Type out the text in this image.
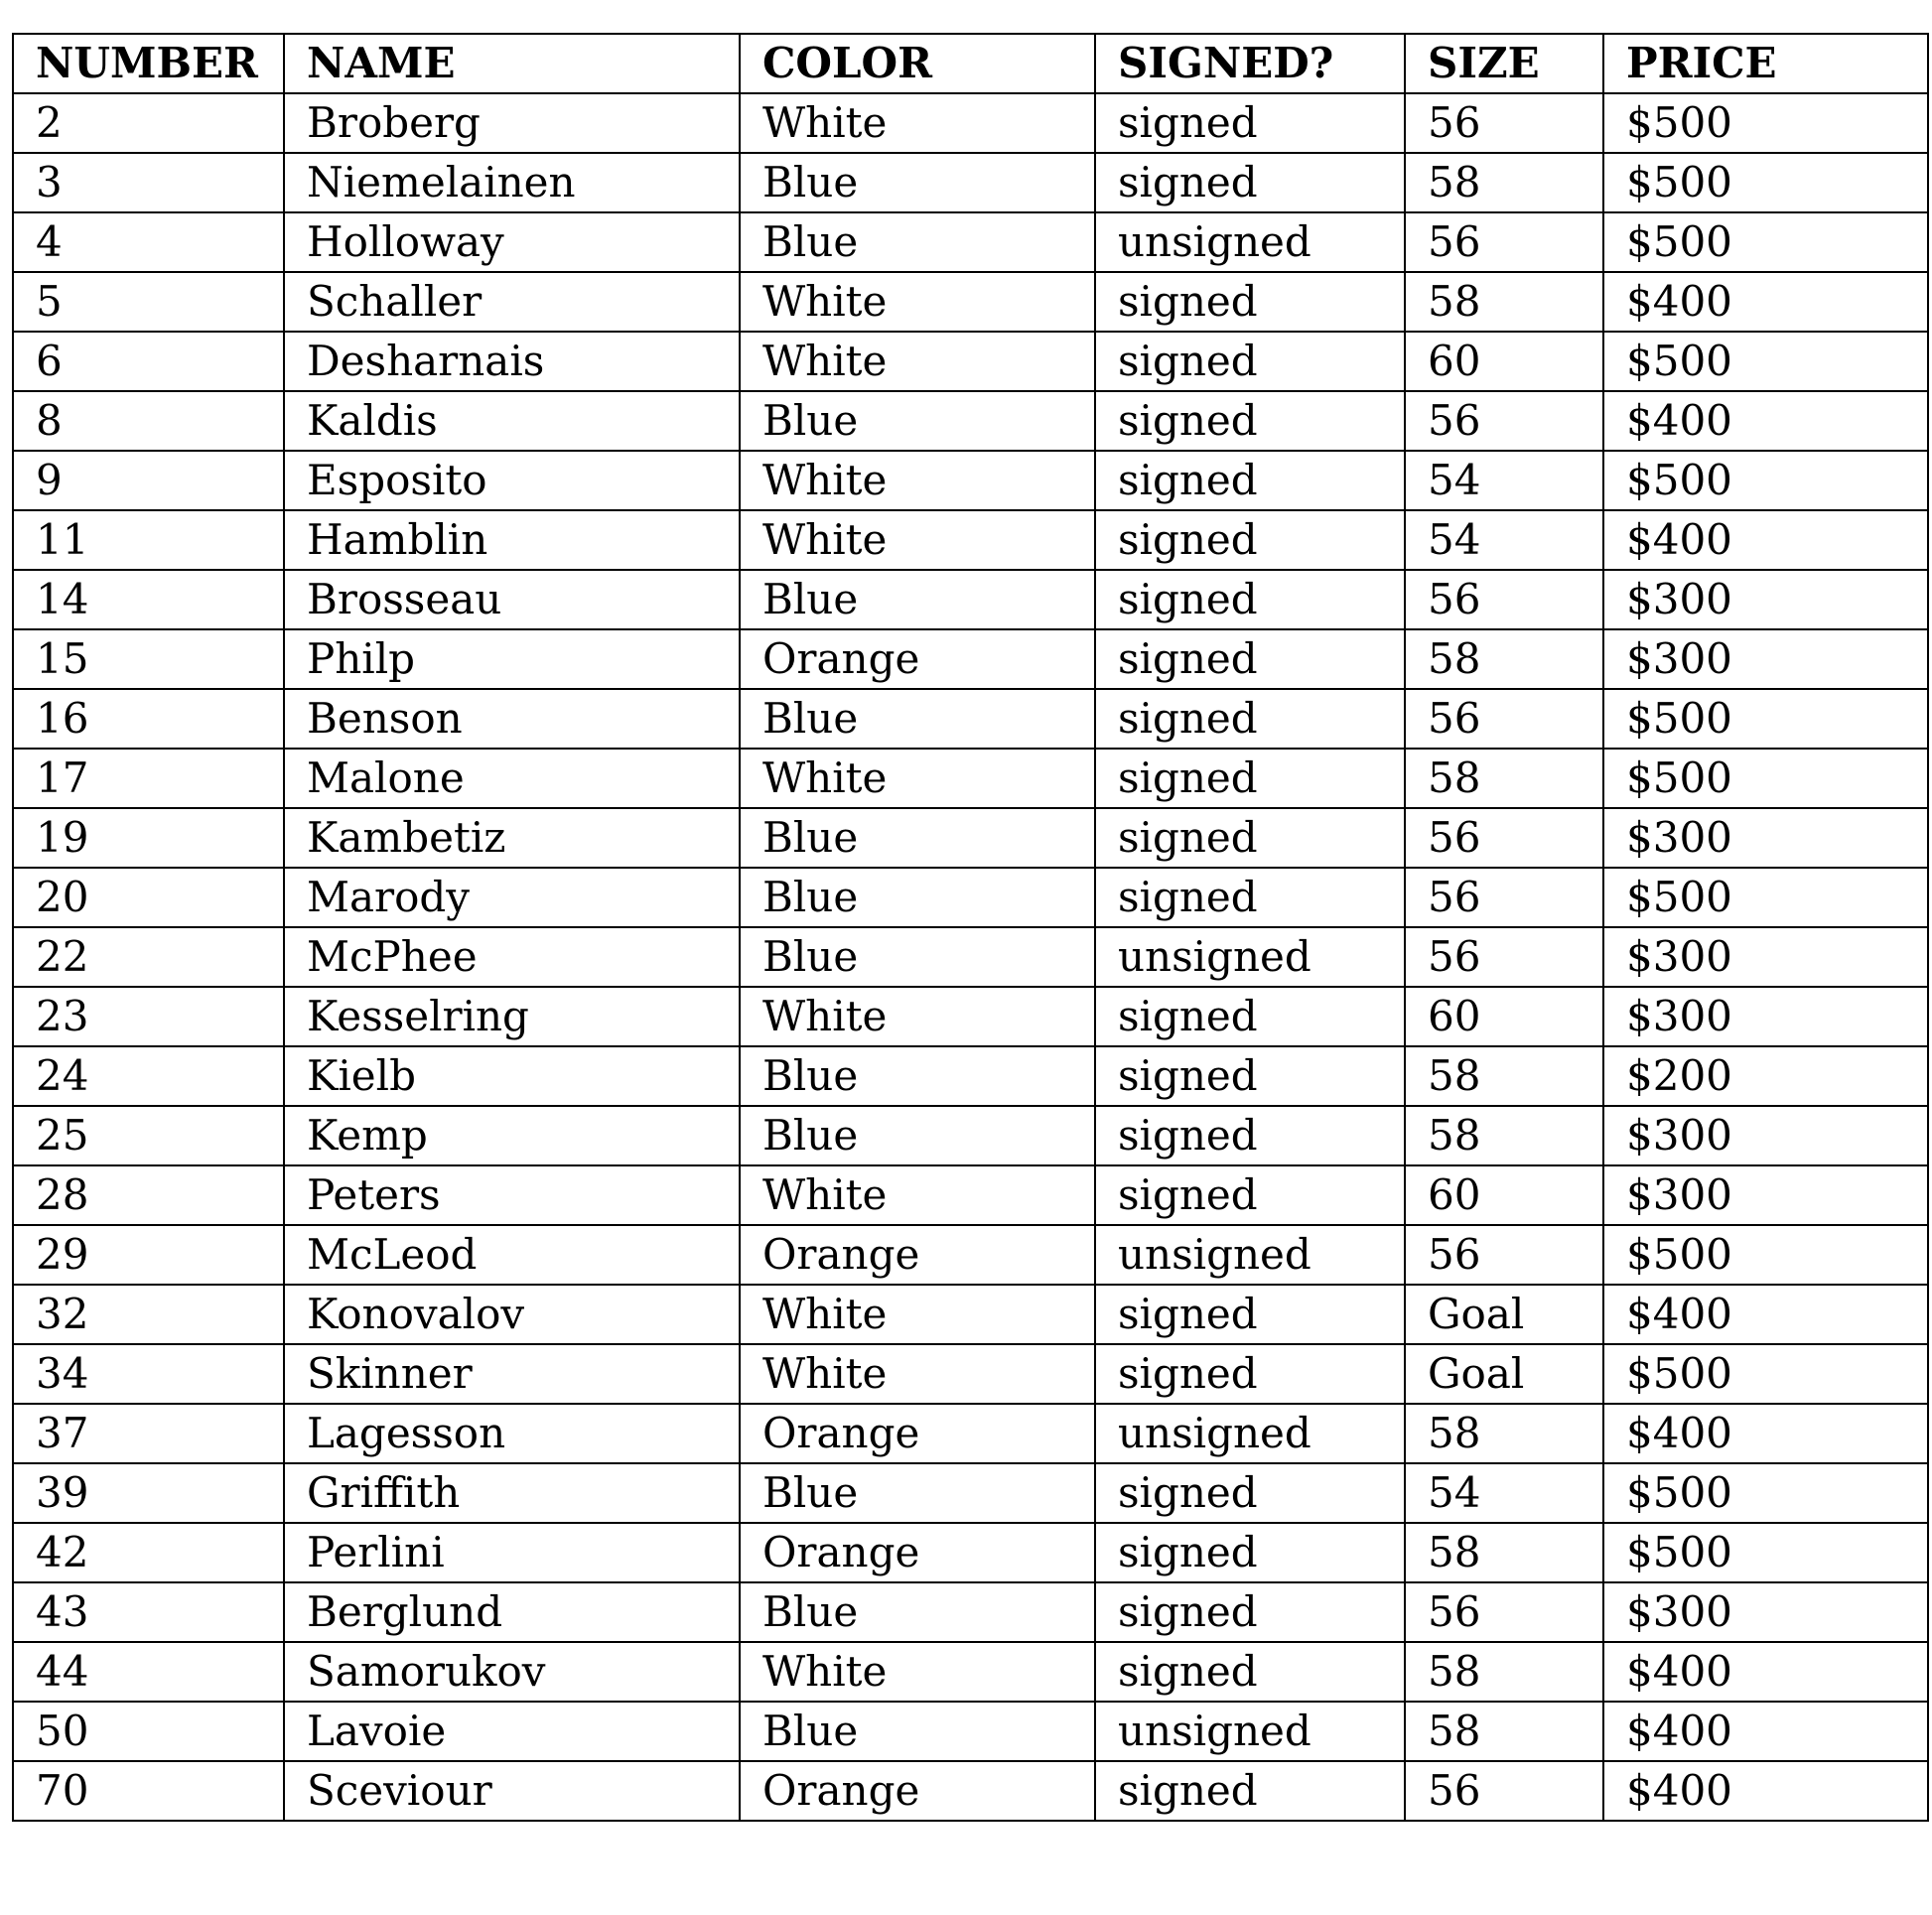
NUMBER	NAME	COLOR	SIGNED?	SIZE	PRICE
2	Broberg	White	signed	56	$500
3	Niemelainen	Blue	signed	58	$500
4	Holloway	Blue	unsigned	56	$500
5	Schaller	White	signed	58	$400
6	Desharnais	White	signed	60	$500
8	Kaldis	Blue	signed	56	$400
9	Esposito	White	signed	54	$500
11	Hamblin	White	signed	54	$400
14	Brosseau	Blue	signed	56	$300
15	Philp	Orange	signed	58	$300
16	Benson	Blue	signed	56	$500
17	Malone	White	signed	58	$500
19	Kambetiz	Blue	signed	56	$300
20	Marody	Blue	signed	56	$500
22	McPhee	Blue	unsigned	56	$300
23	Kesselring	White	signed	60	$300
24	Kielb	Blue	signed	58	$200
25	Kemp	Blue	signed	58	$300
28	Peters	White	signed	60	$300
29	McLeod	Orange	unsigned	56	$500
32	Konovalov	White	signed	Goal	$400
34	Skinner	White	signed	Goal	$500
37	Lagesson	Orange	unsigned	58	$400
39	Griffith	Blue	signed	54	$500
42	Perlini	Orange	signed	58	$500
43	Berglund	Blue	signed	56	$300
44	Samorukov	White	signed	58	$400
50	Lavoie	Blue	unsigned	58	$400
70	Sceviour	Orange	signed	56	$400
